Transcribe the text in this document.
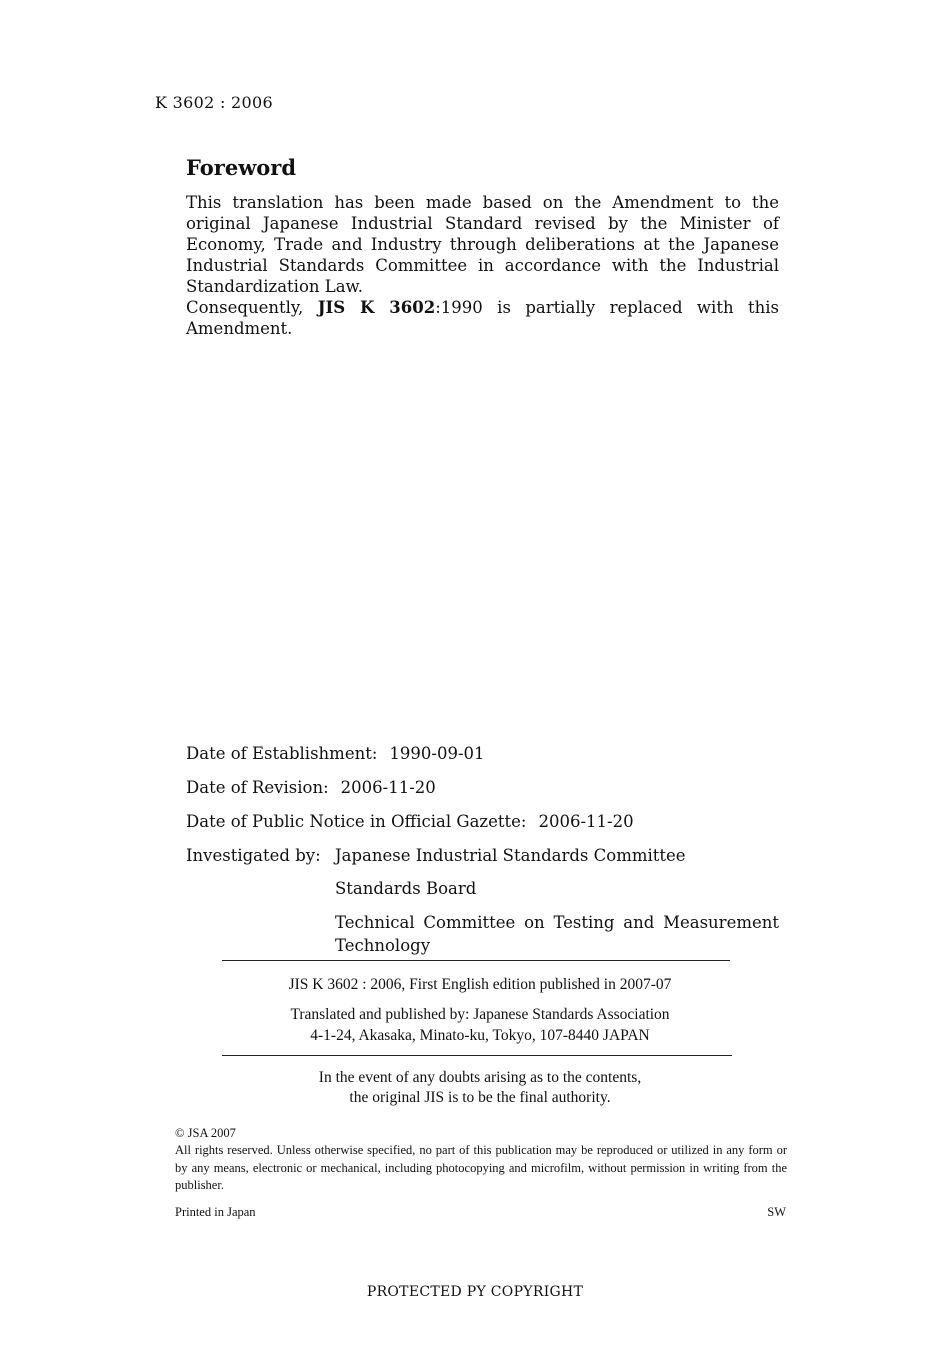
K 3602 : 2006
Foreword
This translation has been made based on the Amendment to the original Japanese Industrial Standard revised by the Minister of Economy, Trade and Industry through deliberations at the Japanese Industrial Standards Committee in accordance with the Industrial Standardization Law.
Consequently, JIS K 3602:1990 is partially replaced with this Amendment.
Date of Establishment: 1990-09-01
Date of Revision: 2006-11-20
Date of Public Notice in Official Gazette: 2006-11-20
Investigated by: Japanese Industrial Standards Committee
Standards Board
Technical Committee on Testing and Measurement Technology
JIS K 3602 : 2006, First English edition published in 2007-07
Translated and published by: Japanese Standards Association
4-1-24, Akasaka, Minato-ku, Tokyo, 107-8440 JAPAN
In the event of any doubts arising as to the contents,
the original JIS is to be the final authority.
© JSA 2007
All rights reserved. Unless otherwise specified, no part of this publication may be reproduced or utilized in any form or by any means, electronic or mechanical, including photocopying and microfilm, without permission in writing from the publisher.
Printed in Japan	SW
PROTECTED PY COPYRIGHT
